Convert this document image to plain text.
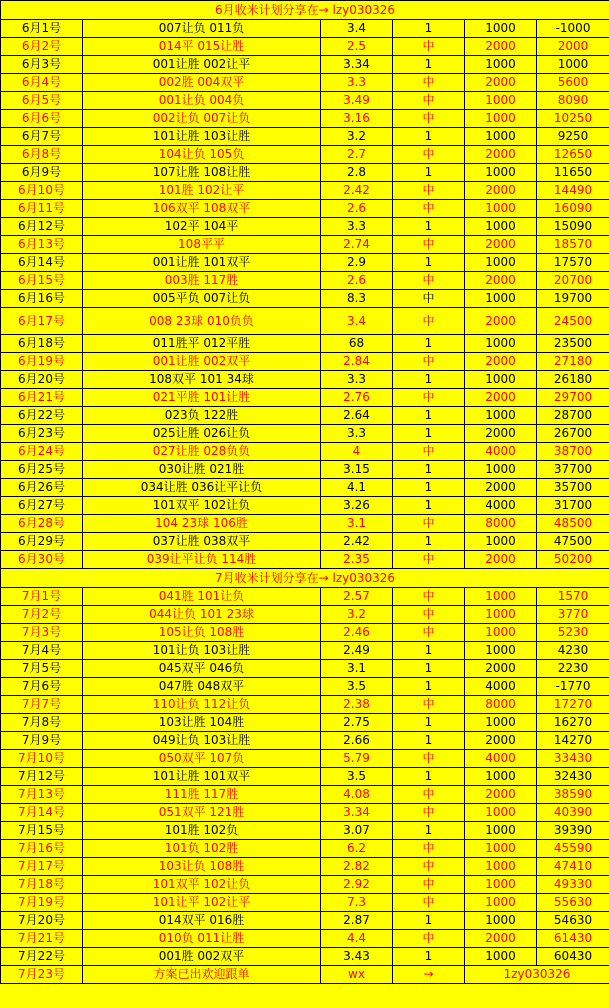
6月收米计划分享在→ lzy030326					
6月1号	007让负 011负	3.4	1	1000	-1000
6月2号	014平 015让胜	2.5	中	2000	2000
6月3号	001让胜 002让平	3.34	1	1000	1000
6月4号	002胜 004双平	3.3	中	2000	5600
6月5号	001让负 004负	3.49	中	1000	8090
6月6号	002让负 007让负	3.16	中	1000	10250
6月7号	101让胜 103让胜	3.2	1	1000	9250
6月8号	104让负 105负	2.7	中	2000	12650
6月9号	107让胜 108让胜	2.8	1	1000	11650
6月10号	101胜 102让平	2.42	中	2000	14490
6月11号	106双平 108双平	2.6	中	1000	16090
6月12号	102平 104平	3.3	1	1000	15090
6月13号	108平平	2.74	中	2000	18570
6月14号	001让胜 101双平	2.9	1	1000	17570
6月15号	003胜 117胜	2.6	中	2000	20700
6月16号	005平负 007让负	8.3	中	1000	19700
6月17号	008 23球 010负负	3.4	中	2000	24500
6月18号	011胜平 012平胜	68	1	1000	23500
6月19号	001让胜 002双平	2.84	中	2000	27180
6月20号	108双平 101 34球	3.3	1	1000	26180
6月21号	021平胜 101让胜	2.76	中	2000	29700
6月22号	023负 122胜	2.64	1	1000	28700
6月23号	025让胜 026让负	3.3	1	2000	26700
6月24号	027让胜 028负负	4	中	4000	38700
6月25号	030让胜 021胜	3.15	1	1000	37700
6月26号	034让胜 036让平让负	4.1	1	2000	35700
6月27号	101双平 102让负	3.26	1	4000	31700
6月28号	104 23球 106胜	3.1	中	8000	48500
6月29号	037让胜 038双平	2.42	1	1000	47500
6月30号	039让平让负 114胜	2.35	中	2000	50200
7月收米计划分享在→ lzy030326					
7月1号	041胜 101让负	2.57	中	1000	1570
7月2号	044让负 101 23球	3.2	中	1000	3770
7月3号	105让负 108胜	2.46	中	1000	5230
7月4号	101让负 103让胜	2.49	1	1000	4230
7月5号	045双平 046负	3.1	1	2000	2230
7月6号	047胜 048双平	3.5	1	4000	-1770
7月7号	110让负 112让负	2.38	中	8000	17270
7月8号	103让胜 104胜	2.75	1	1000	16270
7月9号	049让负 103让胜	2.66	1	2000	14270
7月10号	050双平 107负	5.79	中	4000	33430
7月12号	101让胜 101双平	3.5	1	1000	32430
7月13号	111胜 117胜	4.08	中	2000	38590
7月14号	051双平 121胜	3.34	中	1000	40390
7月15号	101胜 102负	3.07	1	1000	39390
7月16号	101负 102胜	6.2	中	1000	45590
7月17号	103让负 108胜	2.82	中	1000	47410
7月18号	101双平 102让负	2.92	中	1000	49330
7月19号	101让平 102让平	7.3	中	1000	55630
7月20号	014双平 016胜	2.87	1	1000	54630
7月21号	010负 011让胜	4.4	中	2000	61430
7月22号	001胜 002双平	3.43	1	1000	60430
7月23号	方案已出欢迎跟单	wx	→	1zy030326	
